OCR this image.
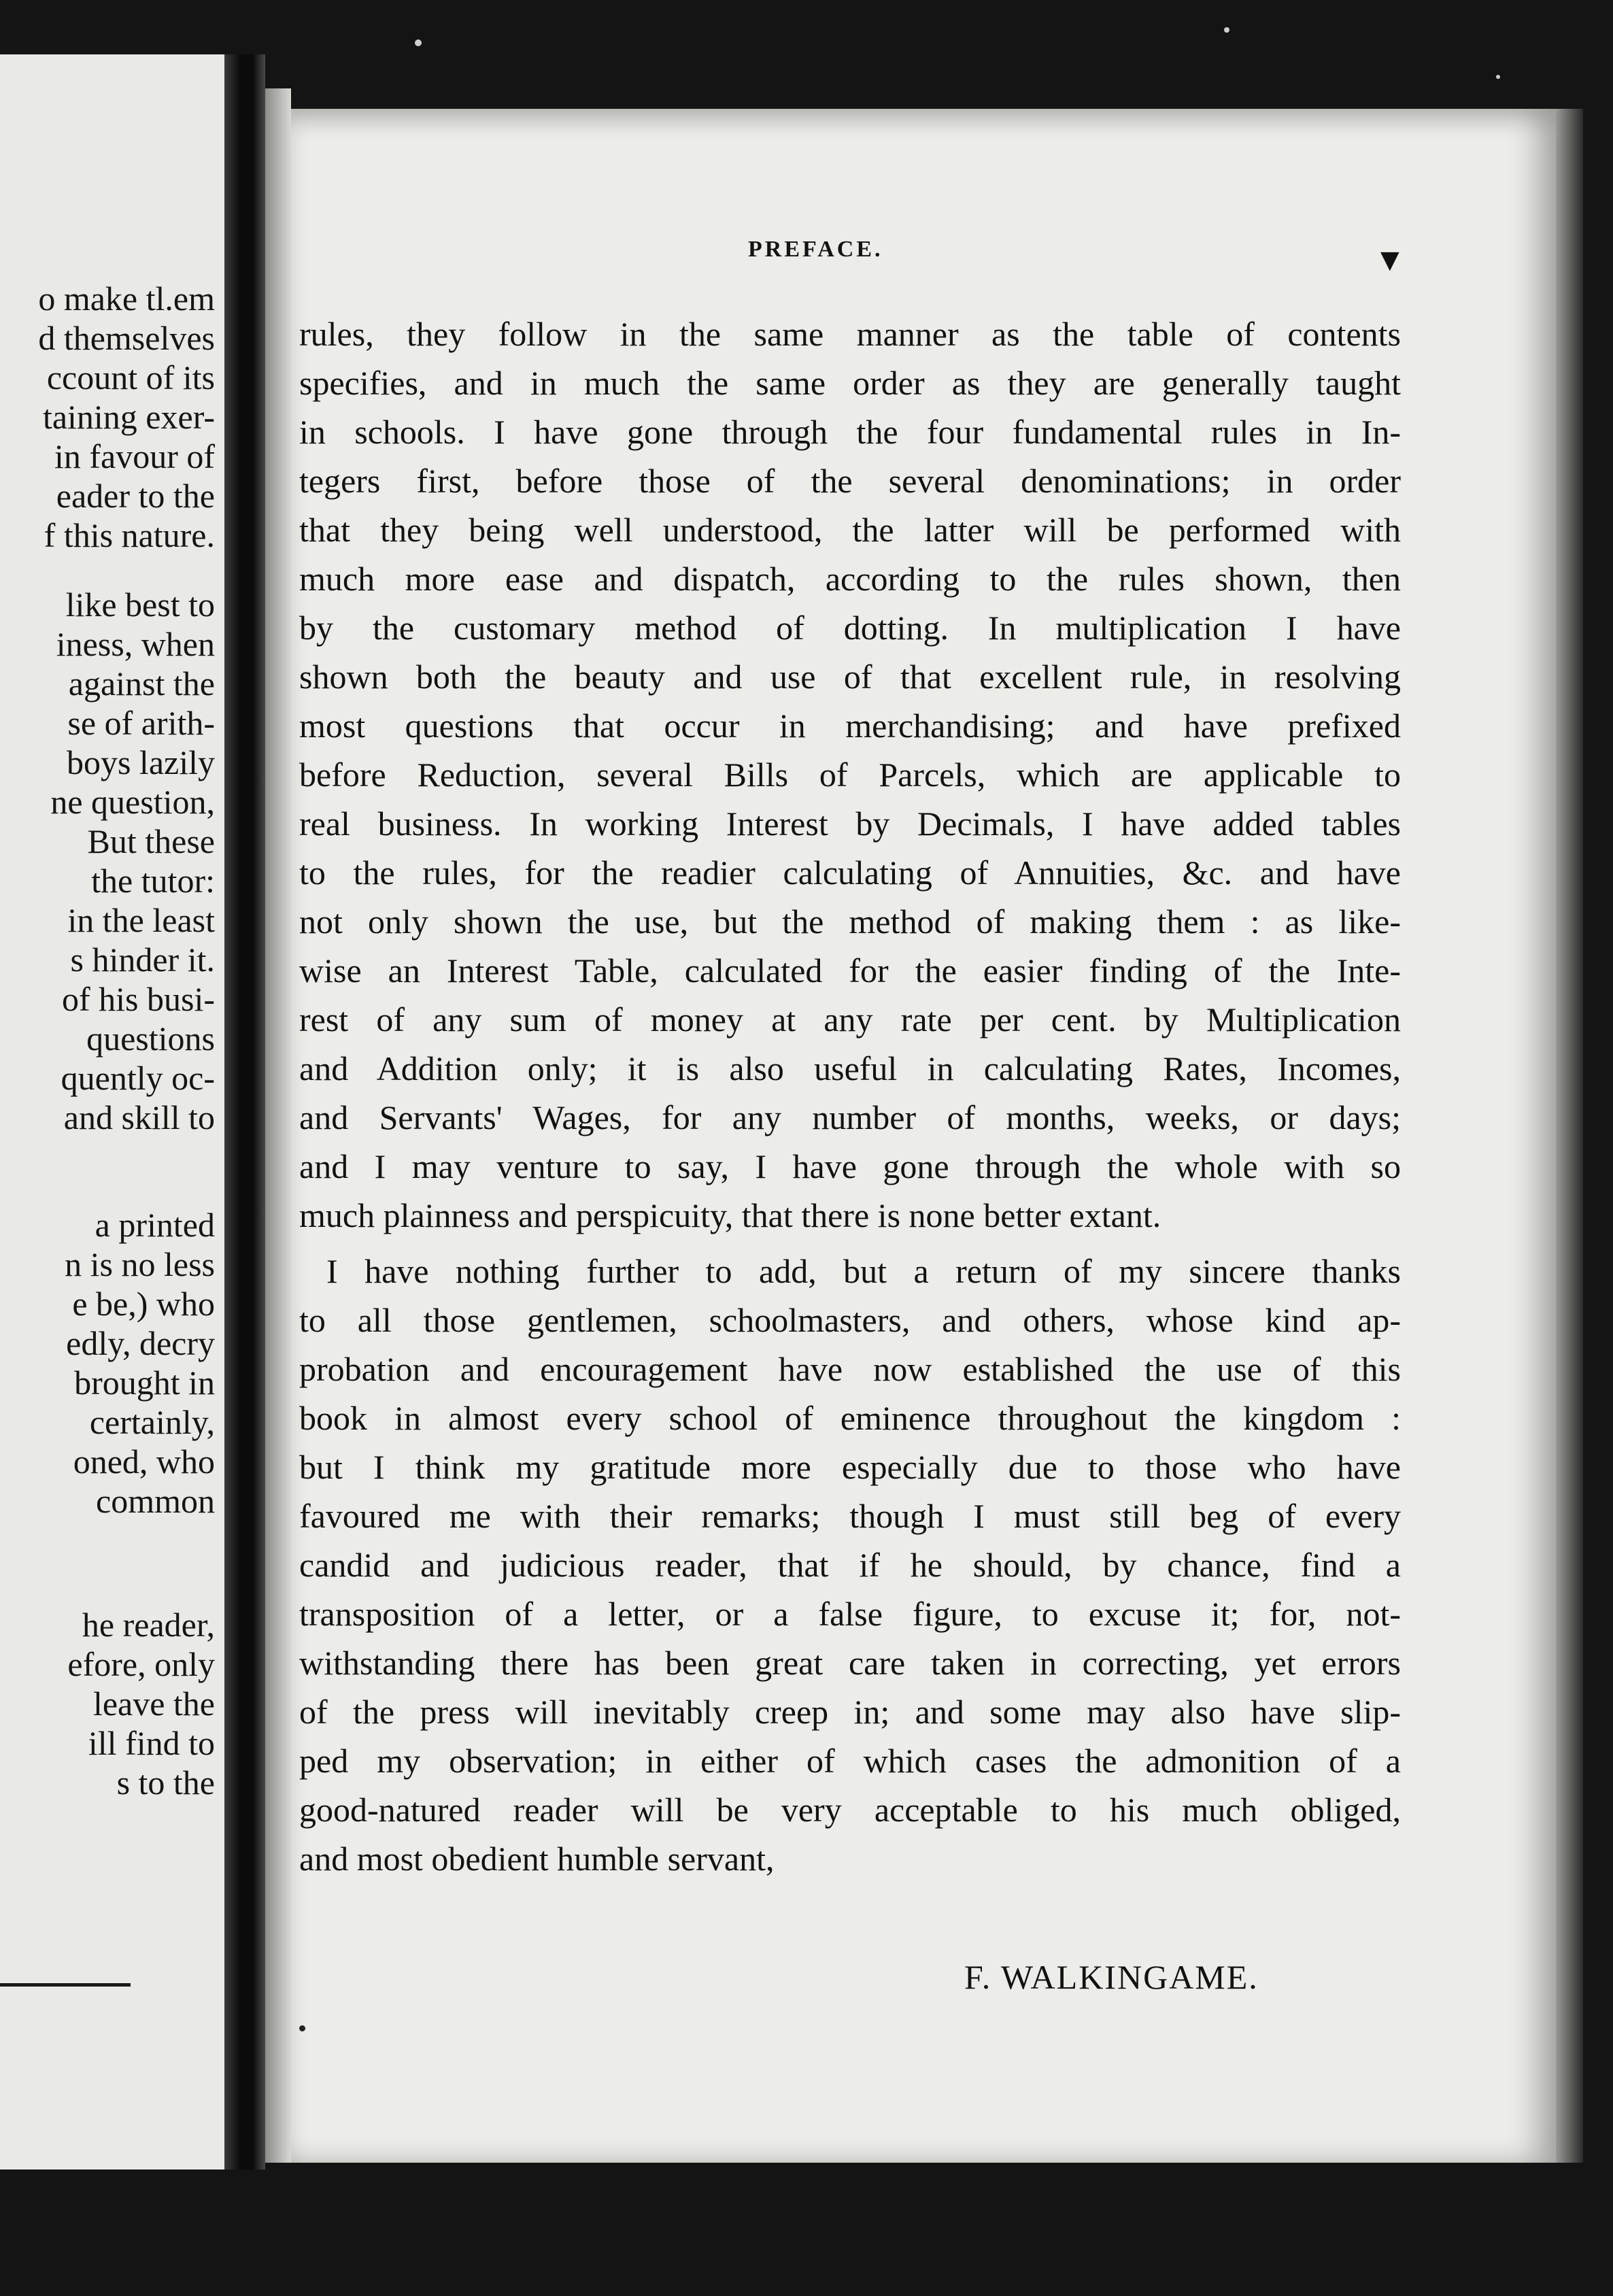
o make tl.em
d themselves
ccount of its
taining exer-
in favour of
eader to the
f this nature.
like best to
iness, when
against the
se of arith-
boys lazily
ne question,
But these
the tutor:
in the least
s hinder it.
of his busi-
questions
quently oc-
and skill to
a printed
n is no less
e be,) who
edly, decry
brought in
certainly,
oned, who
common
he reader,
efore, only
leave the
ill find to
s to the
PREFACE.	▼
rules, they follow in the same manner as the table of contents
specifies, and in much the same order as they are generally taught
in schools. I have gone through the four fundamental rules in In-
tegers first, before those of the several denominations; in order
that they being well understood, the latter will be performed with
much more ease and dispatch, according to the rules shown, then
by the customary method of dotting. In multiplication I have
shown both the beauty and use of that excellent rule, in resolving
most questions that occur in merchandising; and have prefixed
before Reduction, several Bills of Parcels, which are applicable to
real business. In working Interest by Decimals, I have added tables
to the rules, for the readier calculating of Annuities, &c. and have
not only shown the use, but the method of making them : as like-
wise an Interest Table, calculated for the easier finding of the Inte-
rest of any sum of money at any rate per cent. by Multiplication
and Addition only; it is also useful in calculating Rates, Incomes,
and Servants' Wages, for any number of months, weeks, or days;
and I may venture to say, I have gone through the whole with so
much plainness and perspicuity, that there is none better extant.
I have nothing further to add, but a return of my sincere thanks
to all those gentlemen, schoolmasters, and others, whose kind ap-
probation and encouragement have now established the use of this
book in almost every school of eminence throughout the kingdom :
but I think my gratitude more especially due to those who have
favoured me with their remarks; though I must still beg of every
candid and judicious reader, that if he should, by chance, find a
transposition of a letter, or a false figure, to excuse it; for, not-
withstanding there has been great care taken in correcting, yet errors
of the press will inevitably creep in; and some may also have slip-
ped my observation; in either of which cases the admonition of a
good-natured reader will be very acceptable to his much obliged,
and most obedient humble servant,
F. WALKINGAME.
